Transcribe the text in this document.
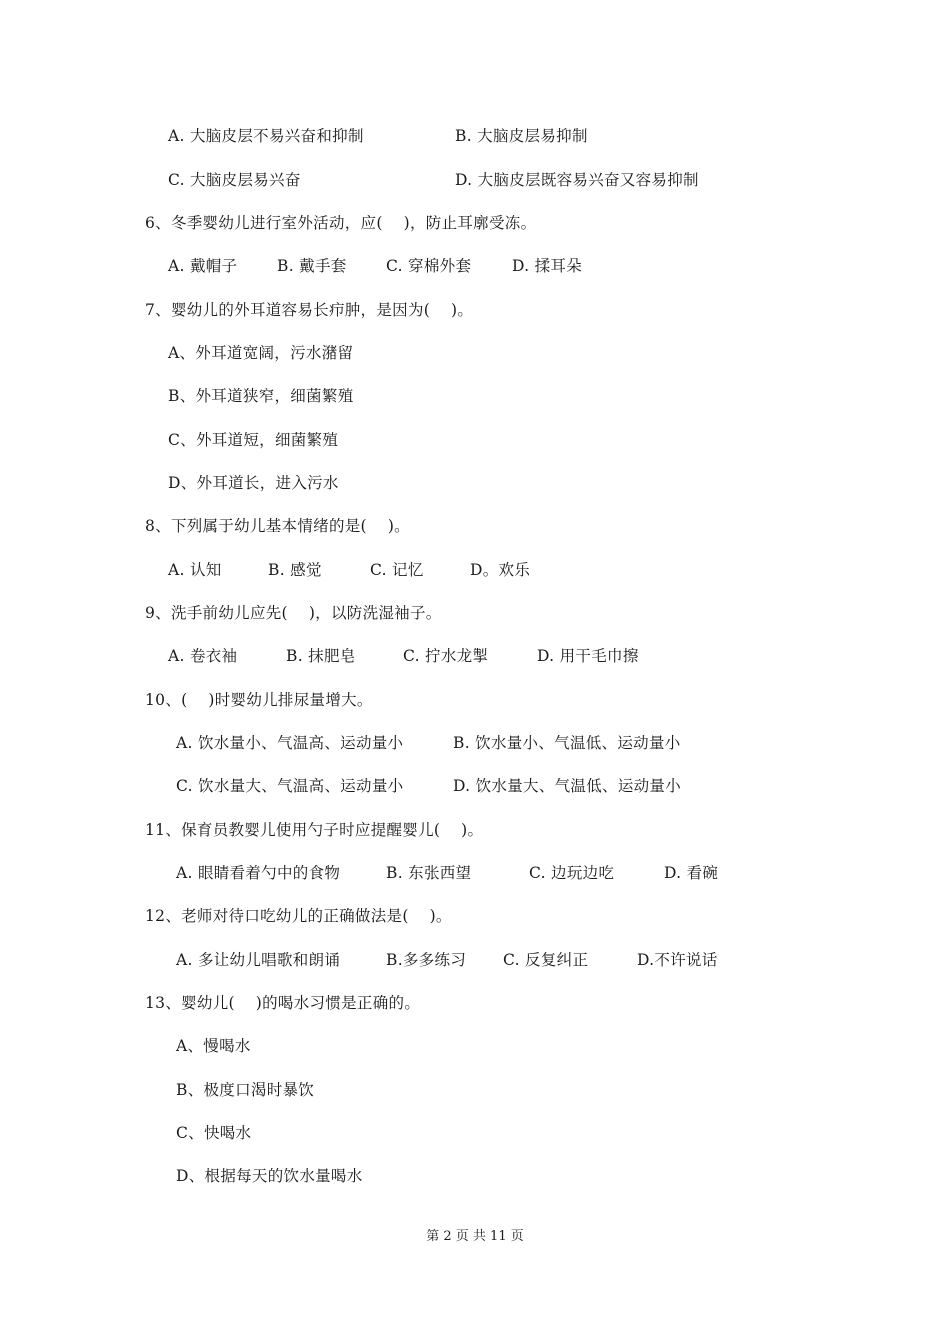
A. 大脑皮层不易兴奋和抑制	B. 大脑皮层易抑制
C. 大脑皮层易兴奋	D. 大脑皮层既容易兴奋又容易抑制
6、冬季婴幼儿进行室外活动，应(    )，防止耳廓受冻。
A. 戴帽子	B. 戴手套	C. 穿棉外套	D. 揉耳朵
7、婴幼儿的外耳道容易长疖肿，是因为(    )。
A、外耳道宽阔，污水潴留
B、外耳道狭窄，细菌繁殖
C、外耳道短，细菌繁殖
D、外耳道长，进入污水
8、下列属于幼儿基本情绪的是(    )。
A. 认知	B. 感觉	C. 记忆	D。欢乐
9、洗手前幼儿应先(    )，以防洗湿袖子。
A. 卷衣袖	B. 抹肥皂	C. 拧水龙掣	D. 用干毛巾擦
10、(    )时婴幼儿排尿量增大。
A. 饮水量小、气温高、运动量小	B. 饮水量小、气温低、运动量小
C. 饮水量大、气温高、运动量小	D. 饮水量大、气温低、运动量小
11、保育员教婴儿使用勺子时应提醒婴儿(    )。
A. 眼睛看着勺中的食物	B. 东张西望	C. 边玩边吃	D. 看碗
12、老师对待口吃幼儿的正确做法是(    )。
A. 多让幼儿唱歌和朗诵	B.多多练习 C. 反复纠正	D.不许说话
13、婴幼儿(    )的喝水习惯是正确的。
A、慢喝水
B、极度口渴时暴饮
C、快喝水
D、根据每天的饮水量喝水
第 2 页 共 11 页
